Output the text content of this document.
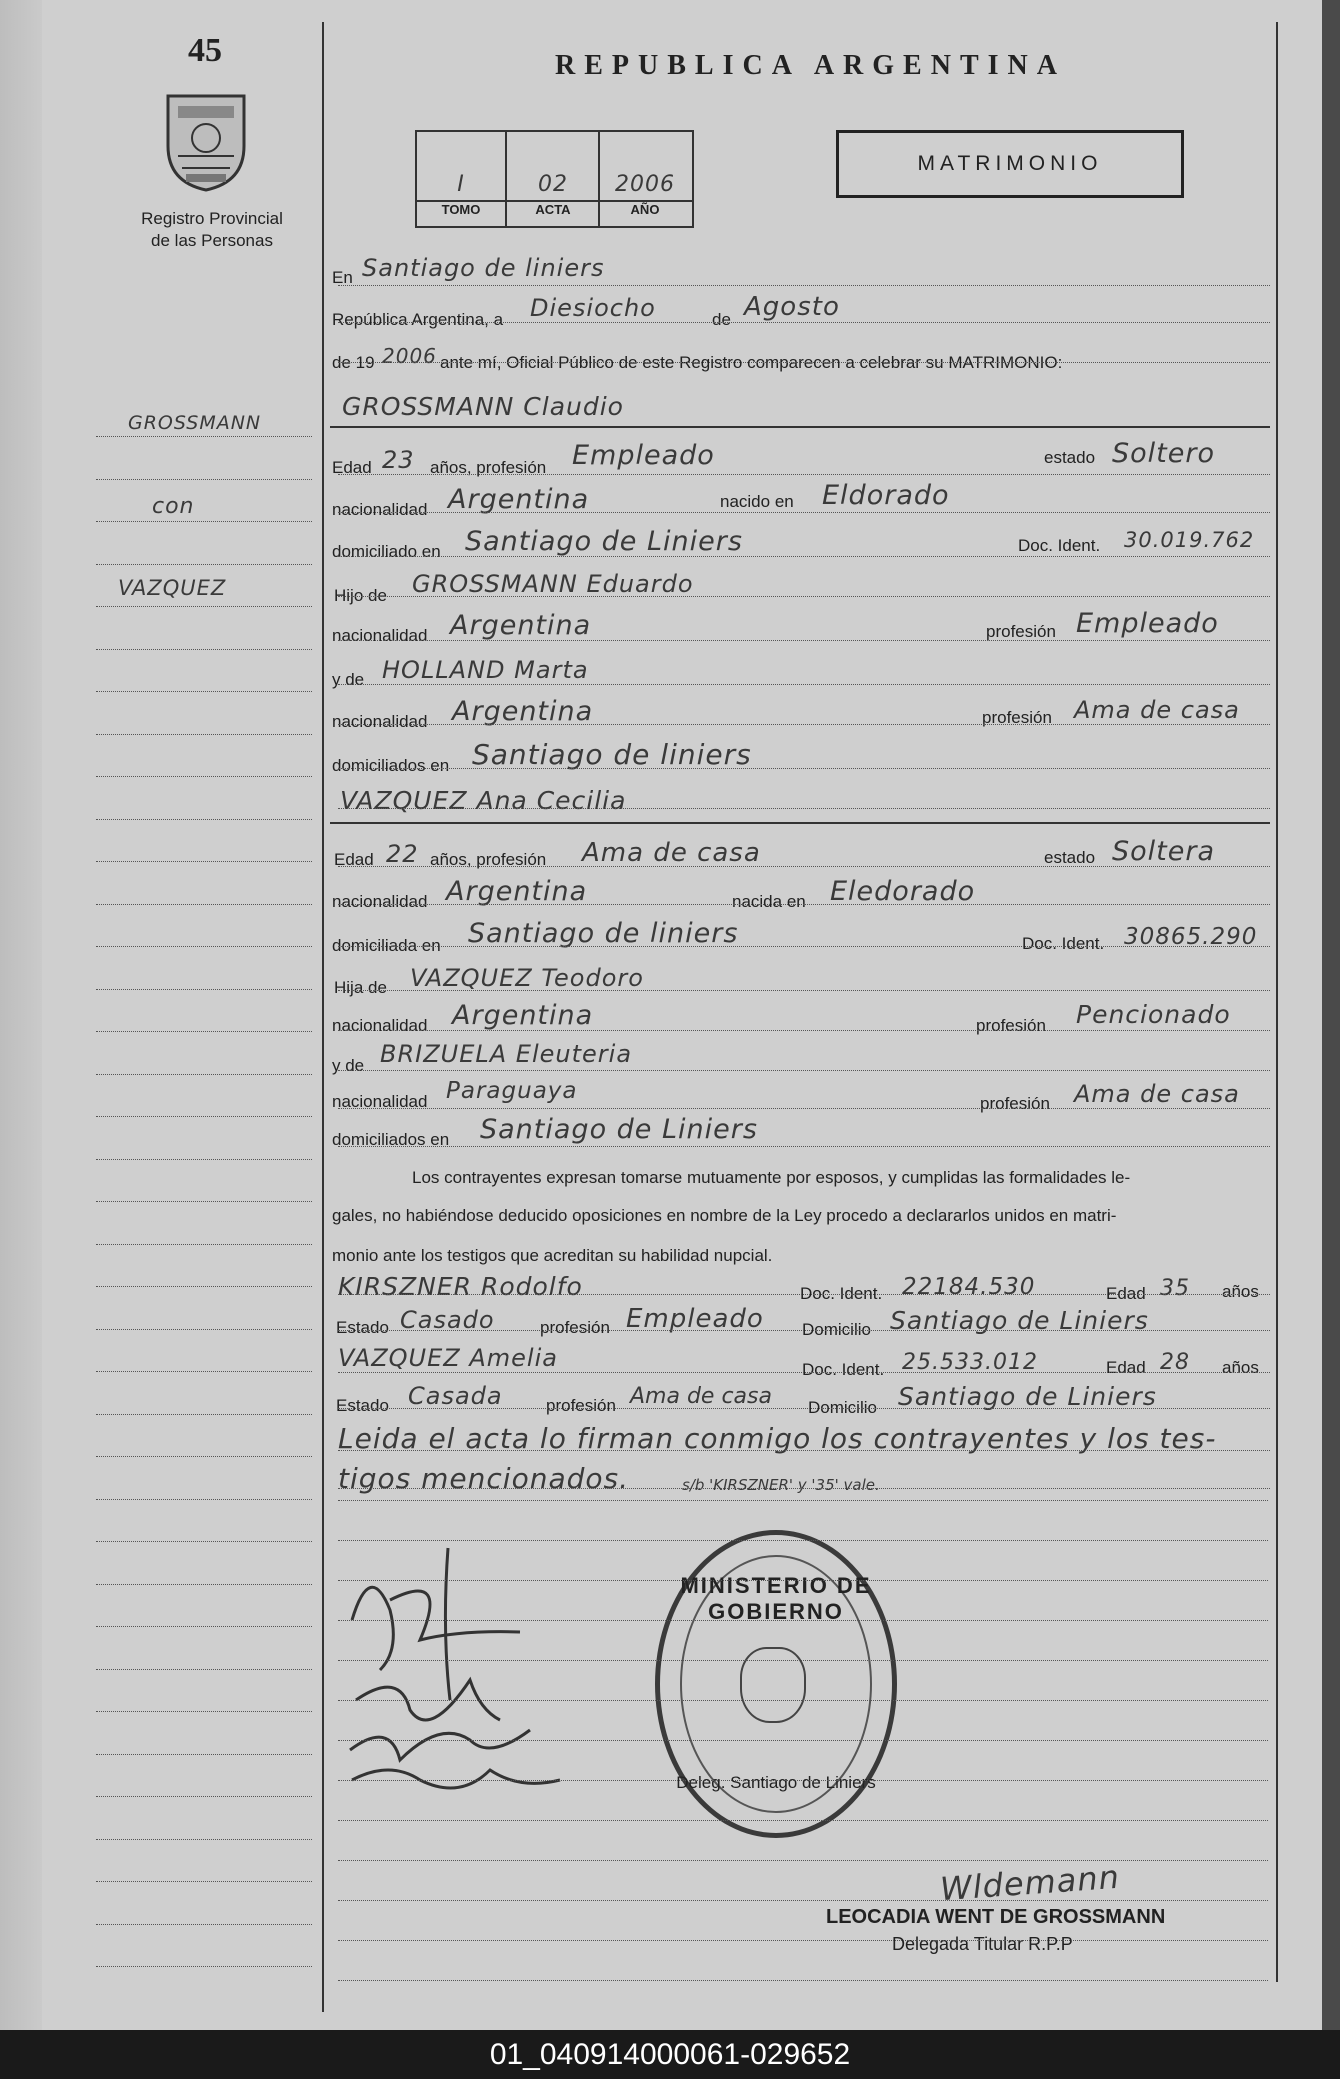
45
Registro Provincial
de las Personas
REPUBLICA ARGENTINA
I	02	2006
TOMO	ACTA	AÑO
MATRIMONIO
GROSSMANN
con
VAZQUEZ
En Santiago de liniers
República Argentina, a Diesiocho	de Agosto
de 19 2006 ante mí, Oficial Público de este Registro comparecen a celebrar su MATRIMONIO:
GROSSMANN Claudio
Edad 23 años, profesión Empleado	estado Soltero
nacionalidad Argentina	nacido en Eldorado
domiciliado en Santiago de Liniers	Doc. Ident. 30.019.762
Hijo de GROSSMANN Eduardo
nacionalidad Argentina	profesión Empleado
y de HOLLAND Marta
nacionalidad Argentina	profesión Ama de casa
domiciliados en Santiago de liniers
VAZQUEZ Ana Cecilia
Edad 22 años, profesión Ama de casa	estado Soltera
nacionalidad Argentina	nacida en Eledorado
domiciliada en Santiago de liniers	Doc. Ident. 30865.290
Hija de VAZQUEZ Teodoro
nacionalidad Argentina	profesión Pencionado
y de BRIZUELA Eleuteria
nacionalidad Paraguaya	profesión Ama de casa
domiciliados en Santiago de Liniers
Los contrayentes expresan tomarse mutuamente por esposos, y cumplidas las formalidades le-
gales, no habiéndose deducido oposiciones en nombre de la Ley procedo a declararlos unidos en matri-
monio ante los testigos que acreditan su habilidad nupcial.
KIRSZNER Rodolfo	Doc. Ident. 22184.530	Edad 35 años
Estado Casado	profesión Empleado Domicilio Santiago de Liniers
VAZQUEZ Amelia	Doc. Ident. 25.533.012	Edad 28 años
Estado Casada	profesión Ama de casa Domicilio Santiago de Liniers
Leida el acta lo firman conmigo los contrayentes y los tes-
tigos mencionados.	s/b 'KIRSZNER' y '35' vale.
MINISTERIO DE GOBIERNO
Deleg. Santiago de Liniers
Wldemann
LEOCADIA WENT DE GROSSMANN
Delegada Titular R.P.P
01_040914000061-029652
